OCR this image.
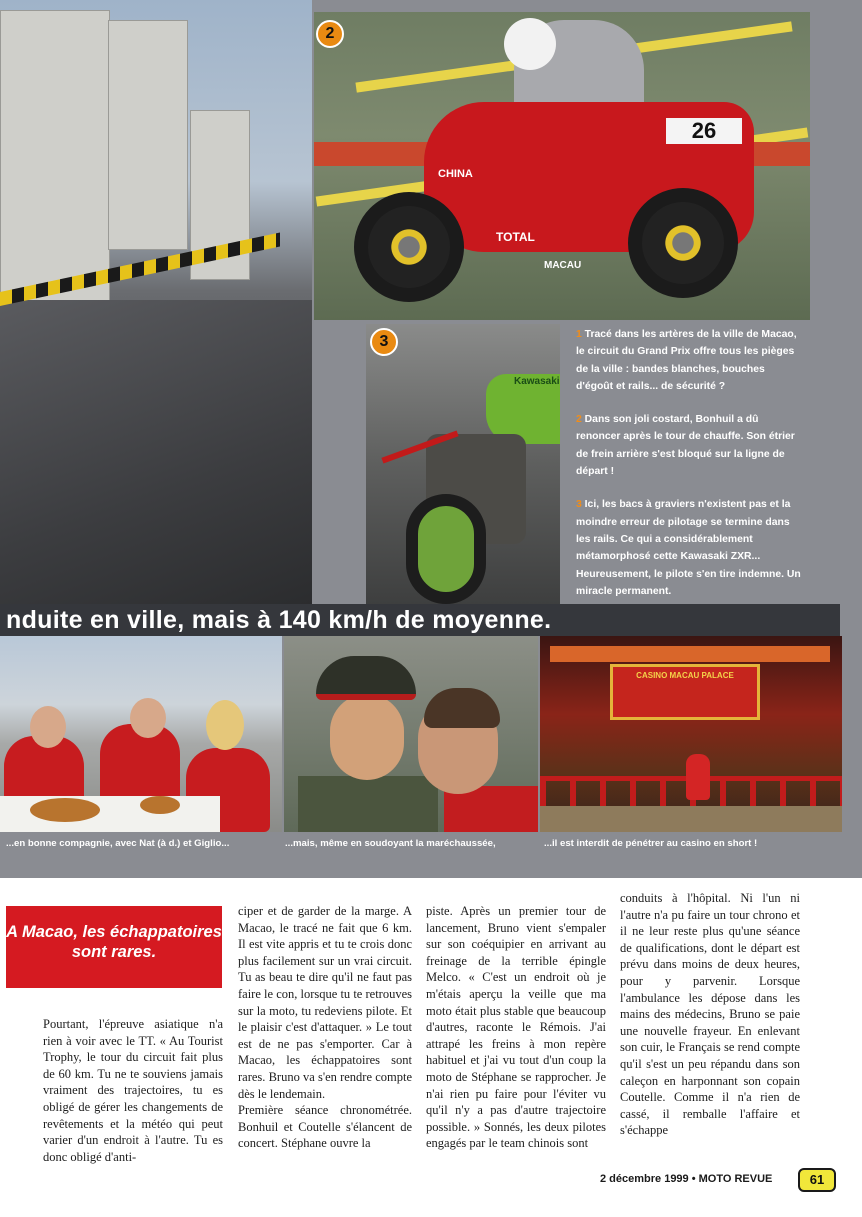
26
CHINA
TOTAL
MACAU
2
Kawasaki
3	1 Tracé dans les artères de la ville de Macao, le circuit du Grand Prix offre tous les pièges de la ville : bandes blanches, bouches d'égoût et rails... de sécurité ?

2 Dans son joli costard, Bonhuil a dû renoncer après le tour de chauffe. Son étrier de frein arrière s'est bloqué sur la ligne de départ !

3 Ici, les bacs à graviers n'existent pas et la moindre erreur de pilotage se termine dans les rails. Ce qui a considérablement métamorphosé cette Kawasaki ZXR... Heureusement, le pilote s'en tire indemne. Un miracle permanent.

nduite en ville, mais à 140 km/h de moyenne.
CASINO MACAU PALACE
...en bonne compagnie, avec Nat (à d.) et Giglio...	...mais, même en soudoyant la maréchaussée,	...il est interdit de pénétrer au casino en short !
A Macao, les échappatoires sont rares.

Pourtant, l'épreuve asiatique n'a rien à voir avec le TT. « Au Tourist Trophy, le tour du circuit fait plus de 60 km. Tu ne te souviens jamais vraiment des trajectoires, tu es obligé de gérer les changements de revêtements et la météo qui peut varier d'un endroit à l'autre. Tu es donc obligé d'anti-

ciper et de garder de la marge. A Macao, le tracé ne fait que 6 km. Il est vite appris et tu te crois donc plus facilement sur un vrai circuit. Tu as beau te dire qu'il ne faut pas faire le con, lorsque tu te retrouves sur la moto, tu redeviens pilote. Et le plaisir c'est d'attaquer. » Le tout est de ne pas s'emporter. Car à Macao, les échappatoires sont rares. Bruno va s'en rendre compte dès le lendemain.

Première séance chronométrée. Bonhuil et Coutelle s'élancent de concert. Stéphane ouvre la

piste. Après un premier tour de lancement, Bruno vient s'empaler sur son coéquipier en arrivant au freinage de la terrible épingle Melco. « C'est un endroit où je m'étais aperçu la veille que ma moto était plus stable que beaucoup d'autres, raconte le Rémois. J'ai attrapé les freins à mon repère habituel et j'ai vu tout d'un coup la moto de Stéphane se rapprocher. Je n'ai rien pu faire pour l'éviter vu qu'il n'y a pas d'autre trajectoire possible. » Sonnés, les deux pilotes engagés par le team chinois sont

conduits à l'hôpital. Ni l'un ni l'autre n'a pu faire un tour chrono et il ne leur reste plus qu'une séance de qualifications, dont le départ est prévu dans moins de deux heures, pour y parvenir. Lorsque l'ambulance les dépose dans les mains des médecins, Bruno se paie une nouvelle frayeur. En enlevant son cuir, le Français se rend compte qu'il s'est un peu répandu dans son caleçon en harponnant son copain Coutelle. Comme il n'a rien de cassé, il remballe l'affaire et s'échappe

2 décembre 1999 • MOTO REVUE	61
